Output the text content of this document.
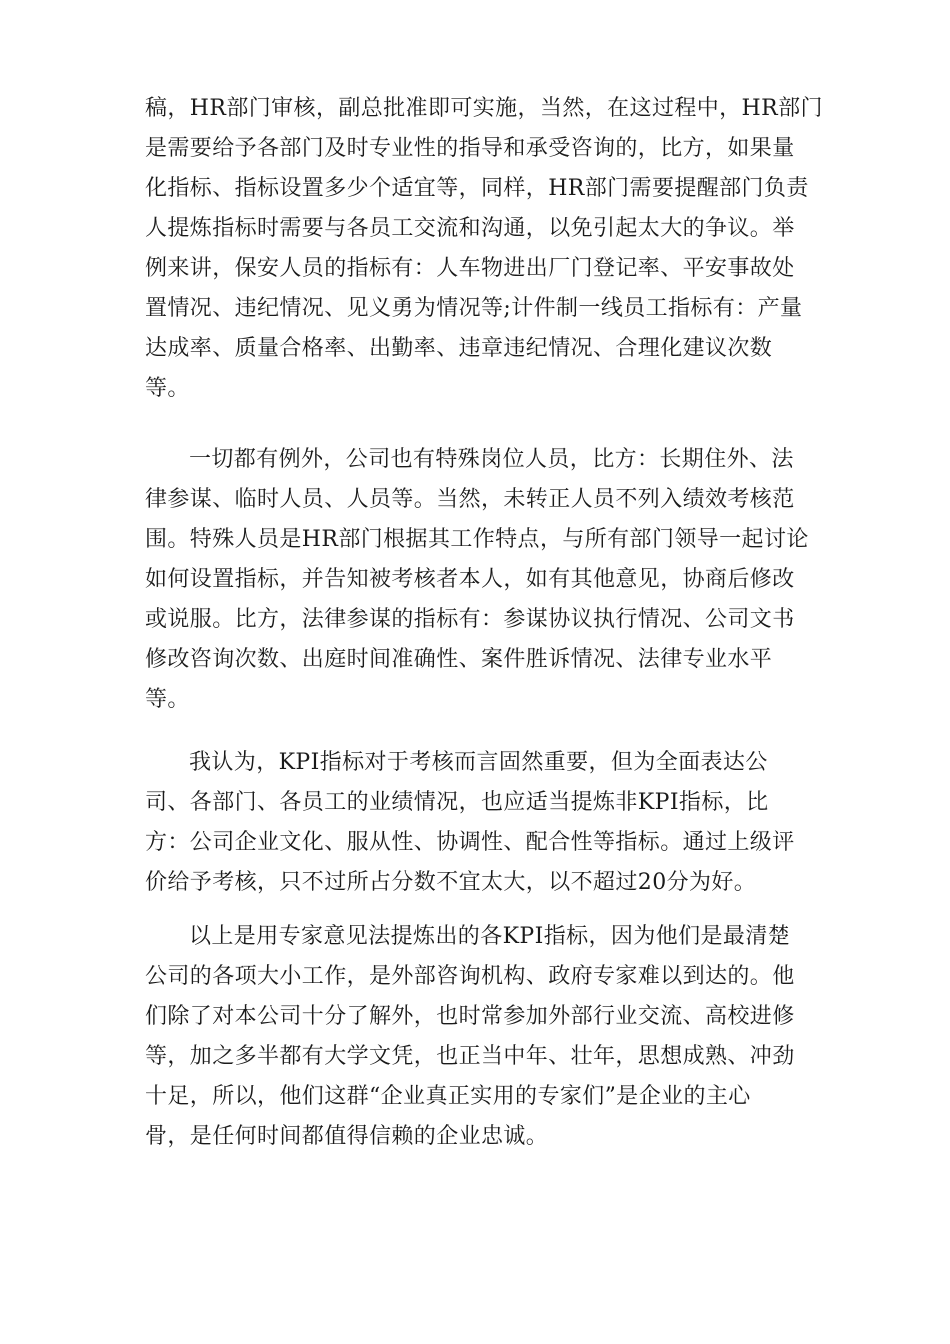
稿，HR部门审核，副总批准即可实施，当然，在这过程中，HR部门
是需要给予各部门及时专业性的指导和承受咨询的，比方，如果量
化指标、指标设置多少个适宜等，同样，HR部门需要提醒部门负责
人提炼指标时需要与各员工交流和沟通，以免引起太大的争议。举
例来讲，保安人员的指标有：人车物进出厂门登记率、平安事故处
置情况、违纪情况、见义勇为情况等;计件制一线员工指标有：产量
达成率、质量合格率、出勤率、违章违纪情况、合理化建议次数
等。
一切都有例外，公司也有特殊岗位人员，比方：长期住外、法
律参谋、临时人员、人员等。当然，未转正人员不列入绩效考核范
围。特殊人员是HR部门根据其工作特点，与所有部门领导一起讨论
如何设置指标，并告知被考核者本人，如有其他意见，协商后修改
或说服。比方，法律参谋的指标有：参谋协议执行情况、公司文书
修改咨询次数、出庭时间准确性、案件胜诉情况、法律专业水平
等。
我认为，KPI指标对于考核而言固然重要，但为全面表达公
司、各部门、各员工的业绩情况，也应适当提炼非KPI指标，比
方：公司企业文化、服从性、协调性、配合性等指标。通过上级评
价给予考核，只不过所占分数不宜太大，以不超过20分为好。
以上是用专家意见法提炼出的各KPI指标，因为他们是最清楚
公司的各项大小工作，是外部咨询机构、政府专家难以到达的。他
们除了对本公司十分了解外，也时常参加外部行业交流、高校进修
等，加之多半都有大学文凭，也正当中年、壮年，思想成熟、冲劲
十足，所以，他们这群“企业真正实用的专家们”是企业的主心
骨，是任何时间都值得信赖的企业忠诚。
